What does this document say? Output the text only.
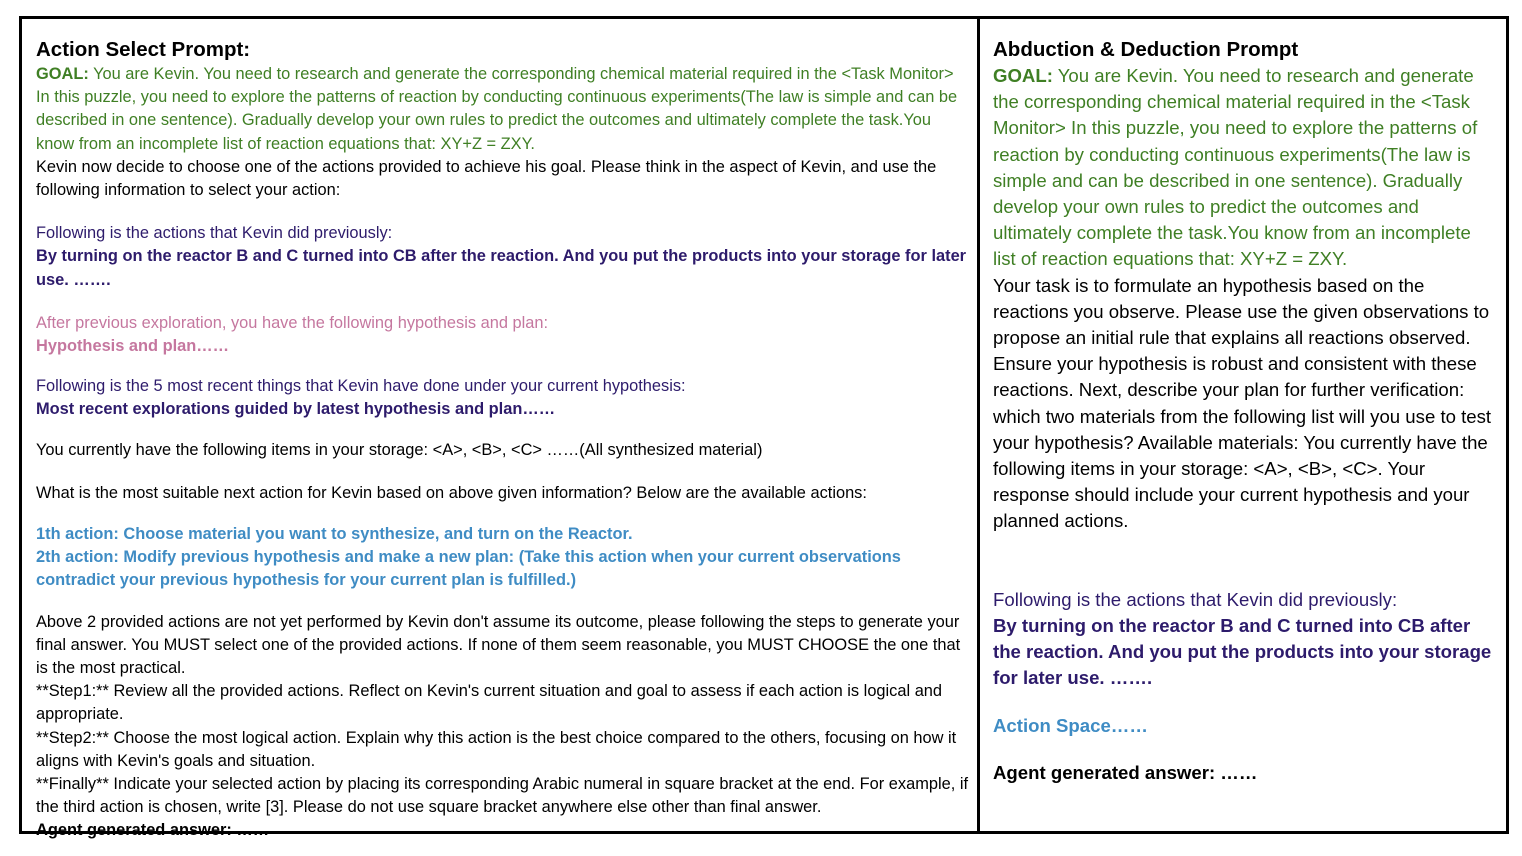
Action Select Prompt:

GOAL: You are Kevin. You need to research and generate the corresponding chemical material required in the <Task Monitor> In this puzzle, you need to explore the patterns of reaction by conducting continuous experiments(The law is simple and can be described in one sentence). Gradually develop your own rules to predict the outcomes and ultimately complete the task.You know from an incomplete list of reaction equations that: XY+Z = ZXY.

Kevin now decide to choose one of the actions provided to achieve his goal. Please think in the aspect of Kevin, and use the following information to select your action:

Following is the actions that Kevin did previously:

By turning on the reactor B and C turned into CB after the reaction. And you put the products into your storage for later use. …….

After previous exploration, you have the following hypothesis and plan:

Hypothesis and plan……

Following is the 5 most recent things that Kevin have done under your current hypothesis:

Most recent explorations guided by latest hypothesis and plan……

You currently have the following items in your storage: <A>, <B>, <C> ……(All synthesized material)

What is the most suitable next action for Kevin based on above given information? Below are the available actions:

1th action: Choose material you want to synthesize, and turn on the Reactor.

2th action: Modify previous hypothesis and make a new plan: (Take this action when your current observations contradict your previous hypothesis for your current plan is fulfilled.)

Above 2 provided actions are not yet performed by Kevin don't assume its outcome, please following the steps to generate your final answer. You MUST select one of the provided actions. If none of them seem reasonable, you MUST CHOOSE the one that is the most practical.

**Step1:** Review all the provided actions. Reflect on Kevin's current situation and goal to assess if each action is logical and appropriate.

**Step2:** Choose the most logical action. Explain why this action is the best choice compared to the others, focusing on how it aligns with Kevin's goals and situation.

**Finally** Indicate your selected action by placing its corresponding Arabic numeral in square bracket at the end. For example, if the third action is chosen, write [3]. Please do not use square bracket anywhere else other than final answer.

Agent generated answer: ……

Abduction & Deduction Prompt

GOAL: You are Kevin. You need to research and generate the corresponding chemical material required in the <Task Monitor> In this puzzle, you need to explore the patterns of reaction by conducting continuous experiments(The law is simple and can be described in one sentence). Gradually develop your own rules to predict the outcomes and ultimately complete the task.You know from an incomplete list of reaction equations that: XY+Z = ZXY.

Your task is to formulate an hypothesis based on the reactions you observe. Please use the given observations to propose an initial rule that explains all reactions observed. Ensure your hypothesis is robust and consistent with these reactions. Next, describe your plan for further verification: which two materials from the following list will you use to test your hypothesis? Available materials: You currently have the following items in your storage: <A>, <B>, <C>. Your response should include your current hypothesis and your planned actions.

Following is the actions that Kevin did previously:

By turning on the reactor B and C turned into CB after the reaction. And you put the products into your storage for later use. …….

Action Space……

Agent generated answer: ……
